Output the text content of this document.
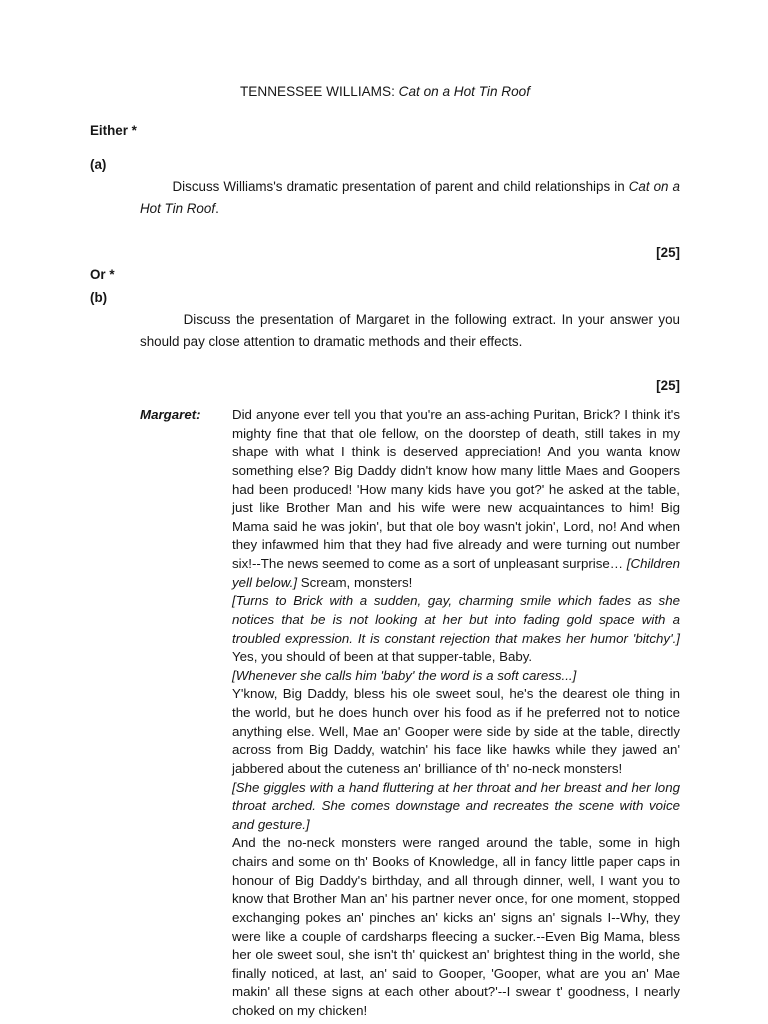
TENNESSEE WILLIAMS: Cat on a Hot Tin Roof
Either *
(a)

Discuss Williams's dramatic presentation of parent and child relationships in Cat on a Hot Tin Roof.

[25]

Or *
(b)

Discuss the presentation of Margaret in the following extract. In your answer you should pay close attention to dramatic methods and their effects.

[25]

Margaret:	Did anyone ever tell you that you're an ass-aching Puritan, Brick? I think it's mighty fine that that ole fellow, on the doorstep of death, still takes in my shape with what I think is deserved appreciation! And you wanta know something else? Big Daddy didn't know how many little Maes and Goopers had been produced! 'How many kids have you got?' he asked at the table, just like Brother Man and his wife were new acquaintances to him! Big Mama said he was jokin', but that ole boy wasn't jokin', Lord, no! And when they infawmed him that they had five already and were turning out number six!--The news seemed to come as a sort of unpleasant surprise… [Children yell below.] Scream, monsters!

[Turns to Brick with a sudden, gay, charming smile which fades as she notices that be is not looking at her but into fading gold space with a troubled expression. It is constant rejection that makes her humor 'bitchy'.] Yes, you should of been at that supper-table, Baby.

[Whenever she calls him 'baby' the word is a soft caress...]

Y'know, Big Daddy, bless his ole sweet soul, he's the dearest ole thing in the world, but he does hunch over his food as if he preferred not to notice anything else. Well, Mae an' Gooper were side by side at the table, directly across from Big Daddy, watchin' his face like hawks while they jawed an' jabbered about the cuteness an' brilliance of th' no-neck monsters!

[She giggles with a hand fluttering at her throat and her breast and her long throat arched. She comes downstage and recreates the scene with voice and gesture.]

And the no-neck monsters were ranged around the table, some in high chairs and some on th' Books of Knowledge, all in fancy little paper caps in honour of Big Daddy's birthday, and all through dinner, well, I want you to know that Brother Man an' his partner never once, for one moment, stopped exchanging pokes an' pinches an' kicks an' signs an' signals I--Why, they were like a couple of cardsharps fleecing a sucker.--Even Big Mama, bless her ole sweet soul, she isn't th' quickest an' brightest thing in the world, she finally noticed, at last, an' said to Gooper, 'Gooper, what are you an' Mae makin' all these signs at each other about?'--I swear t' goodness, I nearly choked on my chicken!
